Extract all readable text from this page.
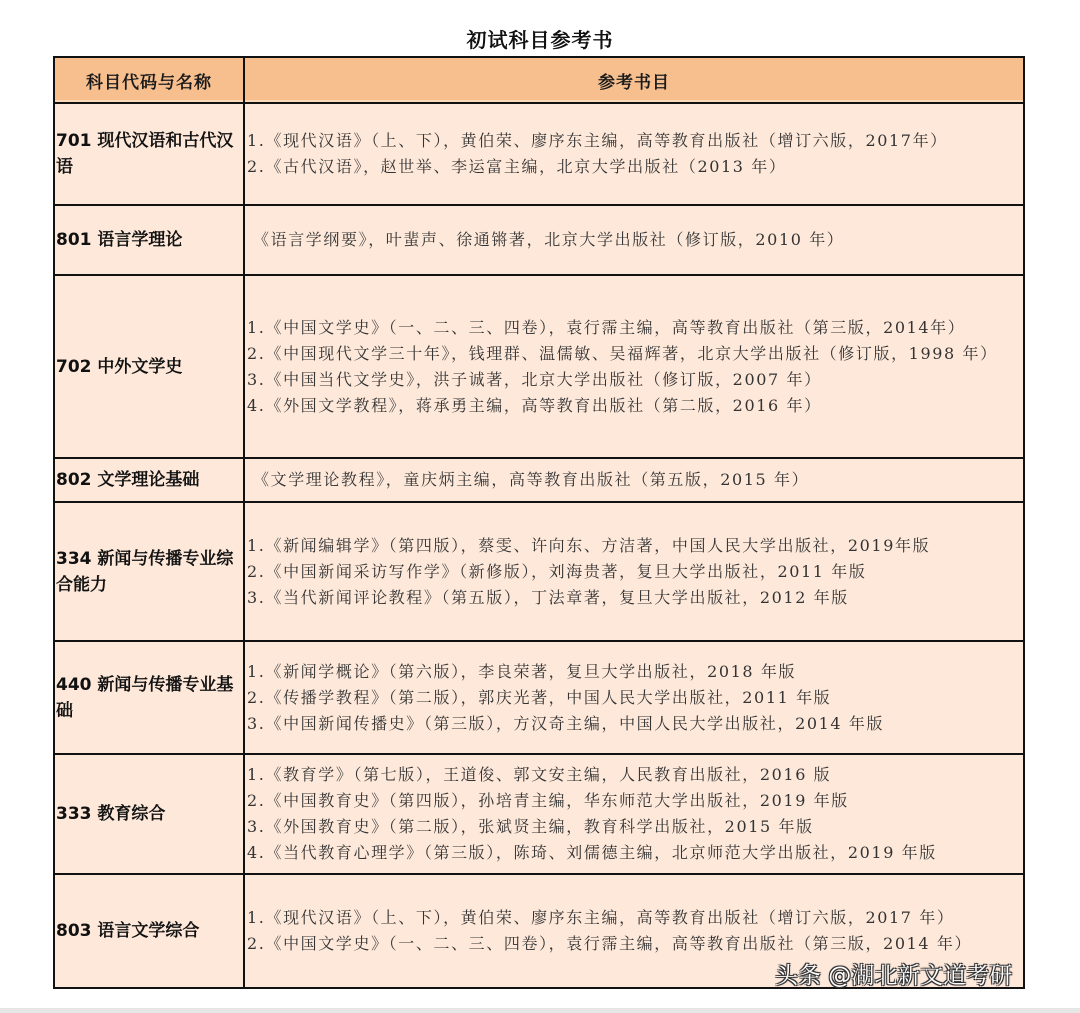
初试科目参考书
科目代码与名称	参考书目
701 现代汉语和古代汉语	1.《现代汉语》（上、下），黄伯荣、廖序东主编，高等教育出版社（增订六版，2017年）
2.《古代汉语》，赵世举、李运富主编，北京大学出版社（2013 年）

801 语言学理论	《语言学纲要》，叶蜚声、徐通锵著，北京大学出版社（修订版，2010 年）

702 中外文学史	1.《中国文学史》（一、二、三、四卷），袁行霈主编，高等教育出版社（第三版，2014年）
2.《中国现代文学三十年》，钱理群、温儒敏、吴福辉著，北京大学出版社（修订版，1998 年）
3.《中国当代文学史》，洪子诚著，北京大学出版社（修订版，2007 年）
4.《外国文学教程》，蒋承勇主编，高等教育出版社（第二版，2016 年）

802 文学理论基础	《文学理论教程》，童庆炳主编，高等教育出版社（第五版，2015 年）

334 新闻与传播专业综合能力	1.《新闻编辑学》（第四版），蔡雯、许向东、方洁著，中国人民大学出版社，2019年版
2.《中国新闻采访写作学》（新修版），刘海贵著，复旦大学出版社，2011 年版
3.《当代新闻评论教程》（第五版），丁法章著，复旦大学出版社，2012 年版

440 新闻与传播专业基础	1.《新闻学概论》（第六版），李良荣著，复旦大学出版社，2018 年版
2.《传播学教程》（第二版），郭庆光著，中国人民大学出版社，2011 年版
3.《中国新闻传播史》（第三版），方汉奇主编，中国人民大学出版社，2014 年版

333 教育综合	1.《教育学》（第七版），王道俊、郭文安主编，人民教育出版社，2016 版
2.《中国教育史》（第四版），孙培青主编，华东师范大学出版社，2019 年版
3.《外国教育史》（第二版），张斌贤主编，教育科学出版社，2015 年版
4.《当代教育心理学》（第三版），陈琦、刘儒德主编，北京师范大学出版社，2019 年版

803 语言文学综合	1.《现代汉语》（上、下），黄伯荣、廖序东主编，高等教育出版社（增订六版，2017 年）
2.《中国文学史》（一、二、三、四卷），袁行霈主编，高等教育出版社（第三版，2014 年）
头条 @湖北新文道考研
